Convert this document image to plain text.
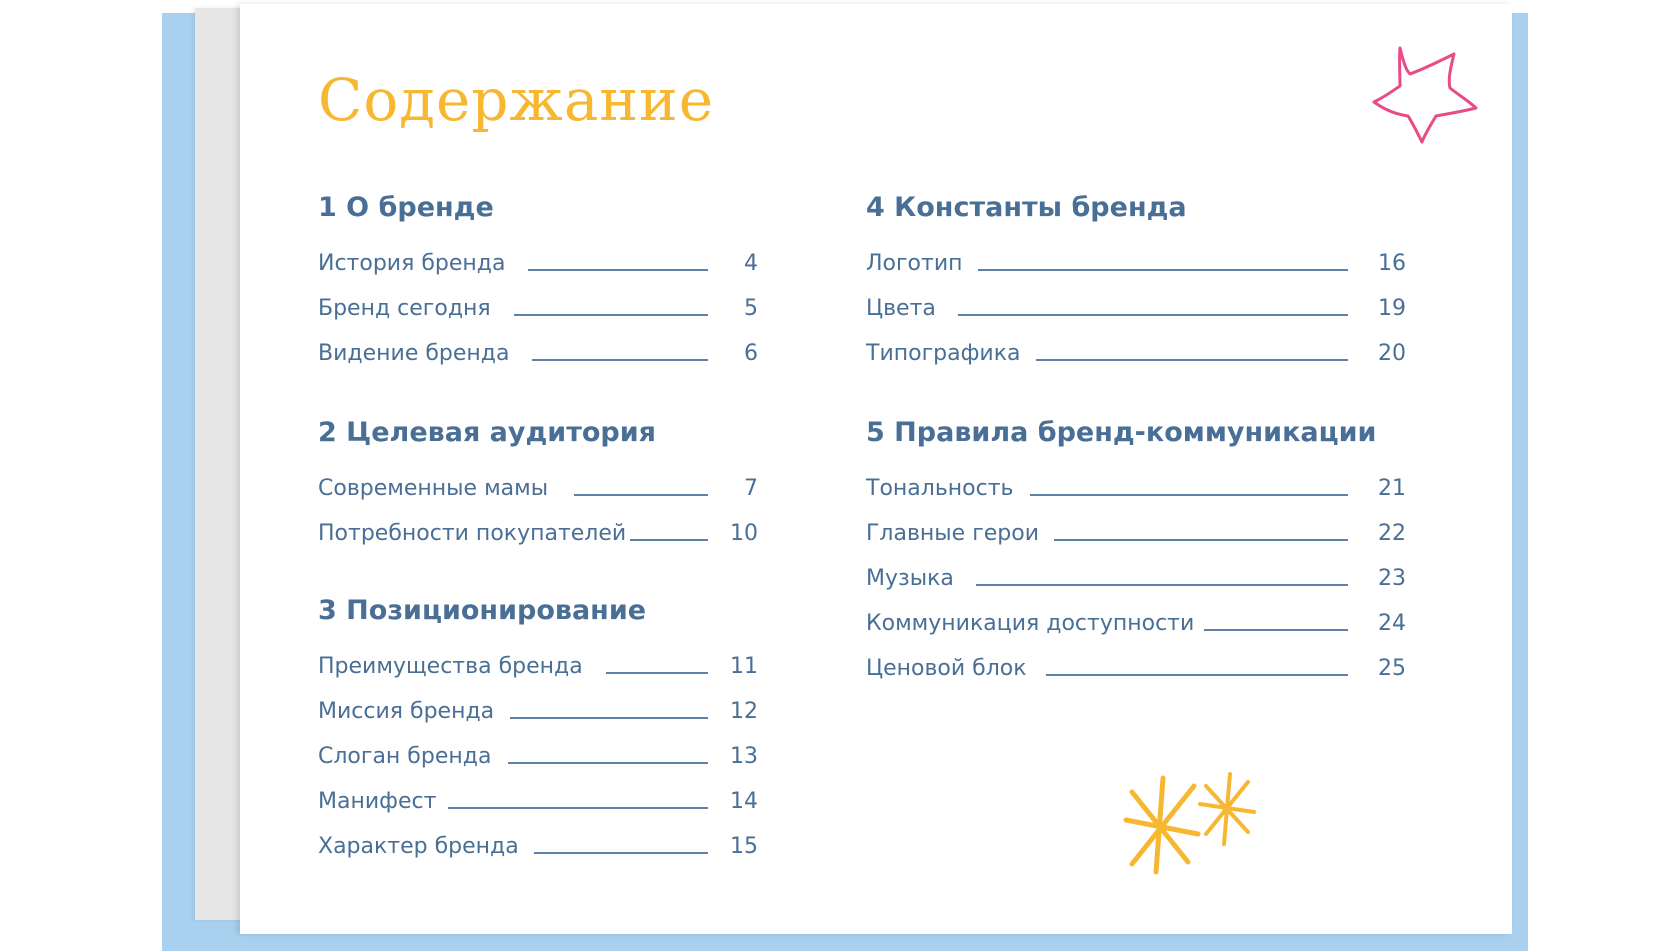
Содержание
1 О бренде
История бренда	4
Бренд сегодня	5
Видение бренда	6
2 Целевая аудитория
Современные мамы	7
Потребности покупателей	10
3 Позиционирование
Преимущества бренда	11
Миссия бренда	12
Слоган бренда	13
Манифест	14
Характер бренда	15
4 Константы бренда
Логотип	16
Цвета	19
Типографика	20
5 Правила бренд-коммуникации
Тональность	21
Главные герои	22
Музыка	23
Коммуникация доступности	24
Ценовой блок	25
